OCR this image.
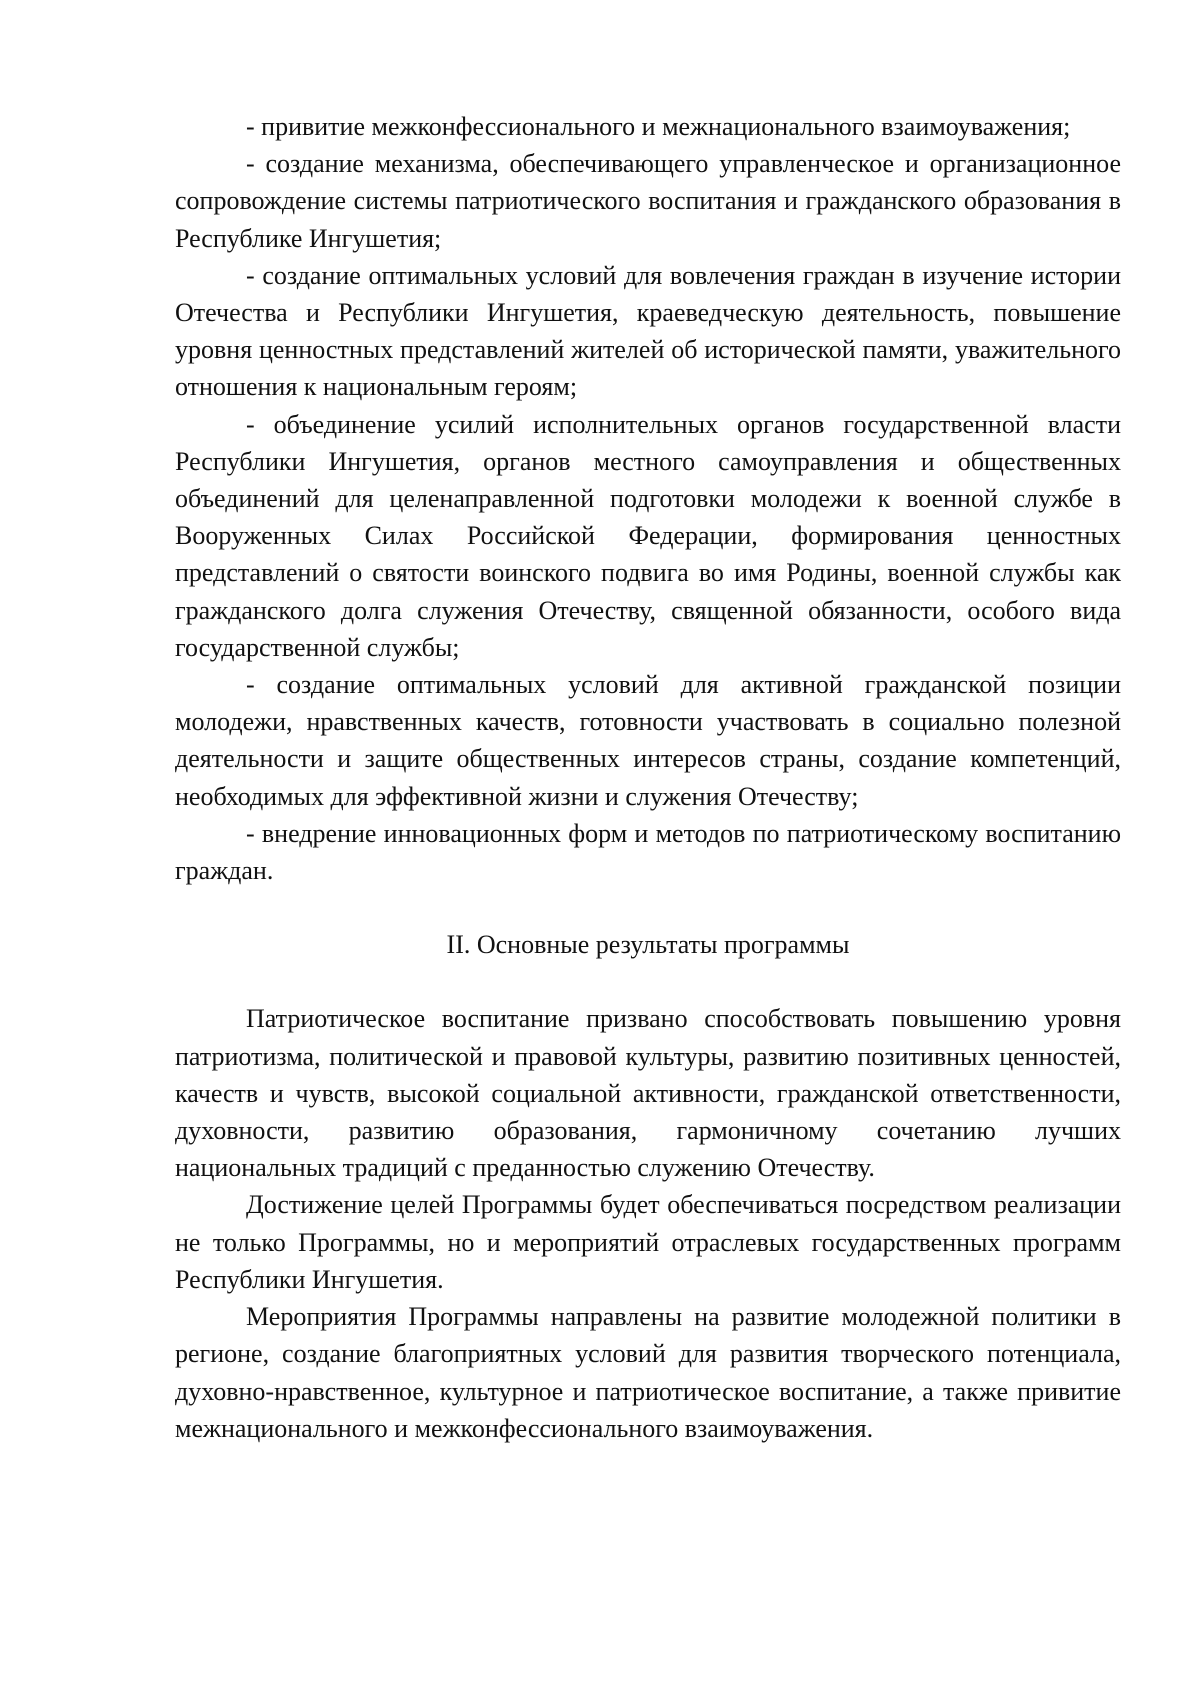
- привитие межконфессионального и межнационального взаимоуважения;

- создание механизма, обеспечивающего управленческое и организационное сопровождение системы патриотического воспитания и гражданского образования в Республике Ингушетия;

- создание оптимальных условий для вовлечения граждан в изучение истории Отечества и Республики Ингушетия, краеведческую деятельность, повышение уровня ценностных представлений жителей об исторической памяти, уважительного отношения к национальным героям;

- объединение усилий исполнительных органов государственной власти Республики Ингушетия, органов местного самоуправления и общественных объединений для целенаправленной подготовки молодежи к военной службе в Вооруженных Силах Российской Федерации, формирования ценностных представлений о святости воинского подвига во имя Родины, военной службы как гражданского долга служения Отечеству, священной обязанности, особого вида государственной службы;

- создание оптимальных условий для активной гражданской позиции молодежи, нравственных качеств, готовности участвовать в социально полезной деятельности и защите общественных интересов страны, создание компетенций, необходимых для эффективной жизни и служения Отечеству;

- внедрение инновационных форм и методов по патриотическому воспитанию граждан.

II. Основные результаты программы

Патриотическое воспитание призвано способствовать повышению уровня патриотизма, политической и правовой культуры, развитию позитивных ценностей, качеств и чувств, высокой социальной активности, гражданской ответственности, духовности, развитию образования, гармоничному сочетанию лучших национальных традиций с преданностью служению Отечеству.

Достижение целей Программы будет обеспечиваться посредством реализации не только Программы, но и мероприятий отраслевых государственных программ Республики Ингушетия.

Мероприятия Программы направлены на развитие молодежной политики в регионе, создание благоприятных условий для развития творческого потенциала, духовно-нравственное, культурное и патриотическое воспитание, а также привитие межнационального и межконфессионального взаимоуважения.
